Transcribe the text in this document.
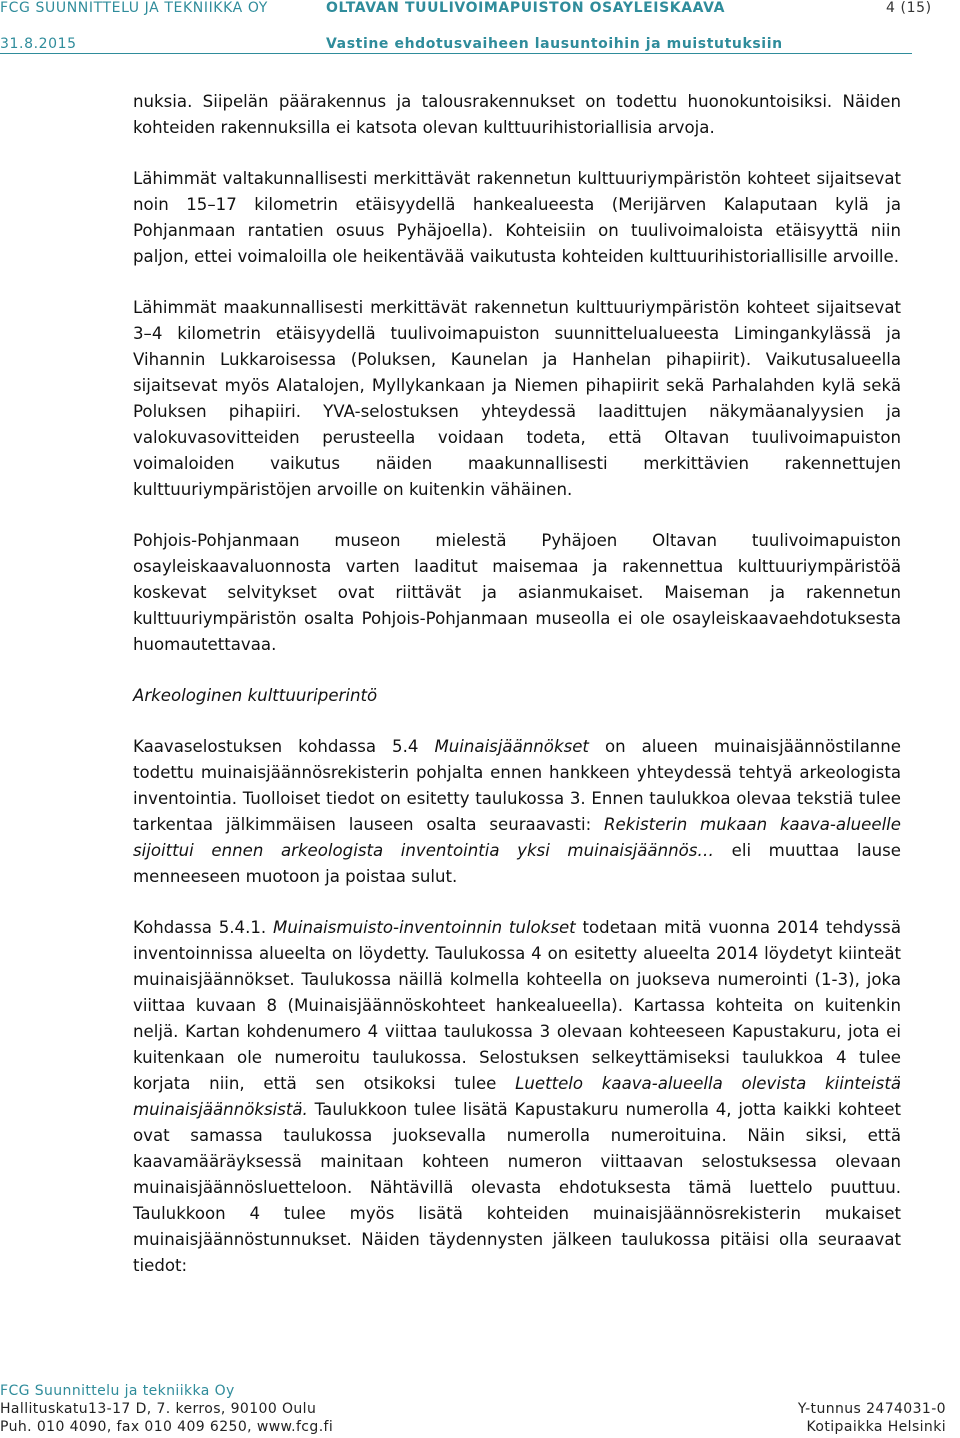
FCG SUUNNITTELU JA TEKNIIKKA OY	OLTAVAN TUULIVOIMAPUISTON OSAYLEISKAAVA	4 (15)
31.8.2015	Vastine ehdotusvaiheen lausuntoihin ja muistutuksiin

nuksia. Siipelän päärakennus ja talousrakennukset on todettu huonokuntoisiksi. Näiden kohteiden rakennuksilla ei katsota olevan kulttuurihistoriallisia arvoja.

Lähimmät valtakunnallisesti merkittävät rakennetun kulttuuriympäristön kohteet sijaitsevat noin 15–17 kilometrin etäisyydellä hankealueesta (Merijärven Kalaputaan kylä ja Pohjanmaan rantatien osuus Pyhäjoella). Kohteisiin on tuulivoimaloista etäisyyttä niin paljon, ettei voimaloilla ole heikentävää vaikutusta kohteiden kulttuurihistoriallisille arvoille.

Lähimmät maakunnallisesti merkittävät rakennetun kulttuuriympäristön kohteet sijaitsevat 3–4 kilometrin etäisyydellä tuulivoimapuiston suunnittelualueesta Limingankylässä ja Vihannin Lukkaroisessa (Poluksen, Kaunelan ja Hanhelan pihapiirit). Vaikutusalueella sijaitsevat myös Alatalojen, Myllykankaan ja Niemen pihapiirit sekä Parhalahden kylä sekä Poluksen pihapiiri. YVA-selostuksen yhteydessä laadittujen näkymäanalyysien ja valokuvasovitteiden perusteella voidaan todeta, että Oltavan tuulivoimapuiston voimaloiden vaikutus näiden maakunnallisesti merkittävien rakennettujen kulttuuriympäristöjen arvoille on kuitenkin vähäinen.

Pohjois-Pohjanmaan museon mielestä Pyhäjoen Oltavan tuulivoimapuiston osayleiskaavaluonnosta varten laaditut maisemaa ja rakennettua kulttuuriympäristöä koskevat selvitykset ovat riittävät ja asianmukaiset. Maiseman ja rakennetun kulttuuriympäristön osalta Pohjois-Pohjanmaan museolla ei ole osayleiskaavaehdotuksesta huomautettavaa.

Arkeologinen kulttuuriperintö

Kaavaselostuksen kohdassa 5.4 Muinaisjäännökset on alueen muinaisjäännöstilanne todettu muinaisjäännösrekisterin pohjalta ennen hankkeen yhteydessä tehtyä arkeologista inventointia. Tuolloiset tiedot on esitetty taulukossa 3. Ennen taulukkoa olevaa tekstiä tulee tarkentaa jälkimmäisen lauseen osalta seuraavasti: Rekisterin mukaan kaava-alueelle sijoittui ennen arkeologista inventointia yksi muinaisjäännös… eli muuttaa lause menneeseen muotoon ja poistaa sulut.

Kohdassa 5.4.1. Muinaismuisto-inventoinnin tulokset todetaan mitä vuonna 2014 tehdyssä inventoinnissa alueelta on löydetty. Taulukossa 4 on esitetty alueelta 2014 löydetyt kiinteät muinaisjäännökset. Taulukossa näillä kolmella kohteella on juokseva numerointi (1-3), joka viittaa kuvaan 8 (Muinaisjäännöskohteet hankealueella). Kartassa kohteita on kuitenkin neljä. Kartan kohdenumero 4 viittaa taulukossa 3 olevaan kohteeseen Kapustakuru, jota ei kuitenkaan ole numeroitu taulukossa. Selostuksen selkeyttämiseksi taulukkoa 4 tulee korjata niin, että sen otsikoksi tulee Luettelo kaava-alueella olevista kiinteistä muinaisjäännöksistä. Taulukkoon tulee lisätä Kapustakuru numerolla 4, jotta kaikki kohteet ovat samassa taulukossa juoksevalla numerolla numeroituina. Näin siksi, että kaavamääräyksessä mainitaan kohteen numeron viittaavan selostuksessa olevaan muinaisjäännösluetteloon. Nähtävillä olevasta ehdotuksesta tämä luettelo puuttuu. Taulukkoon 4 tulee myös lisätä kohteiden muinaisjäännösrekisterin mukaiset muinaisjäännöstunnukset. Näiden täydennysten jälkeen taulukossa pitäisi olla seuraavat tiedot:

FCG Suunnittelu ja tekniikka Oy
Hallituskatu13-17 D, 7. kerros, 90100 Oulu
Puh. 010 4090, fax 010 409 6250, www.fcg.fi
Y-tunnus 2474031-0
Kotipaikka Helsinki
